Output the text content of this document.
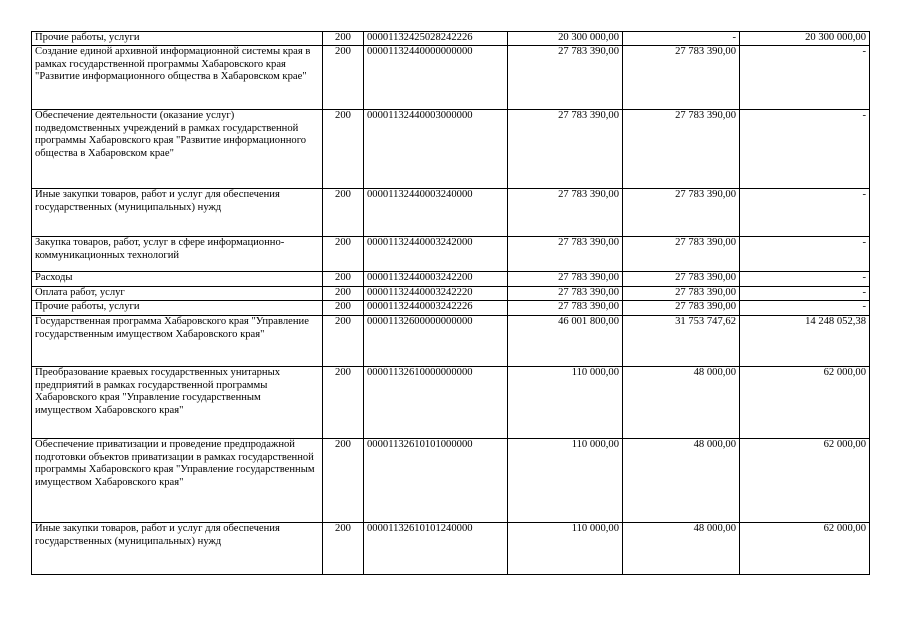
Прочие работы, услуги	200	00001132425028242226	20 300 000,00	-	20 300 000,00
Создание единой архивной информационной системы края в рамках государственной программы Хабаровского края "Развитие информационного общества в Хабаровском крае"	200	00001132440000000000	27 783 390,00	27 783 390,00	-
Обеспечение деятельности (оказание услуг) подведомственных учреждений в рамках государственной программы Хабаровского края "Развитие информационного общества в Хабаровском крае"	200	00001132440003000000	27 783 390,00	27 783 390,00	-
Иные закупки товаров, работ и услуг для обеспечения государственных (муниципальных) нужд	200	00001132440003240000	27 783 390,00	27 783 390,00	-
Закупка товаров, работ, услуг в сфере информационно-коммуникационных технологий	200	00001132440003242000	27 783 390,00	27 783 390,00	-
Расходы	200	00001132440003242200	27 783 390,00	27 783 390,00	-
Оплата работ, услуг	200	00001132440003242220	27 783 390,00	27 783 390,00	-
Прочие работы, услуги	200	00001132440003242226	27 783 390,00	27 783 390,00	-
Государственная программа Хабаровского края "Управление государственным имуществом Хабаровского края"	200	00001132600000000000	46 001 800,00	31 753 747,62	14 248 052,38
Преобразование краевых государственных унитарных предприятий в рамках государственной программы Хабаровского края "Управление государственным имуществом Хабаровского края"	200	00001132610000000000	110 000,00	48 000,00	62 000,00
Обеспечение приватизации и проведение предпродажной подготовки объектов приватизации в рамках государственной программы Хабаровского края "Управление государственным имуществом Хабаровского края"	200	00001132610101000000	110 000,00	48 000,00	62 000,00
Иные закупки товаров, работ и услуг для обеспечения государственных (муниципальных) нужд	200	00001132610101240000	110 000,00	48 000,00	62 000,00
